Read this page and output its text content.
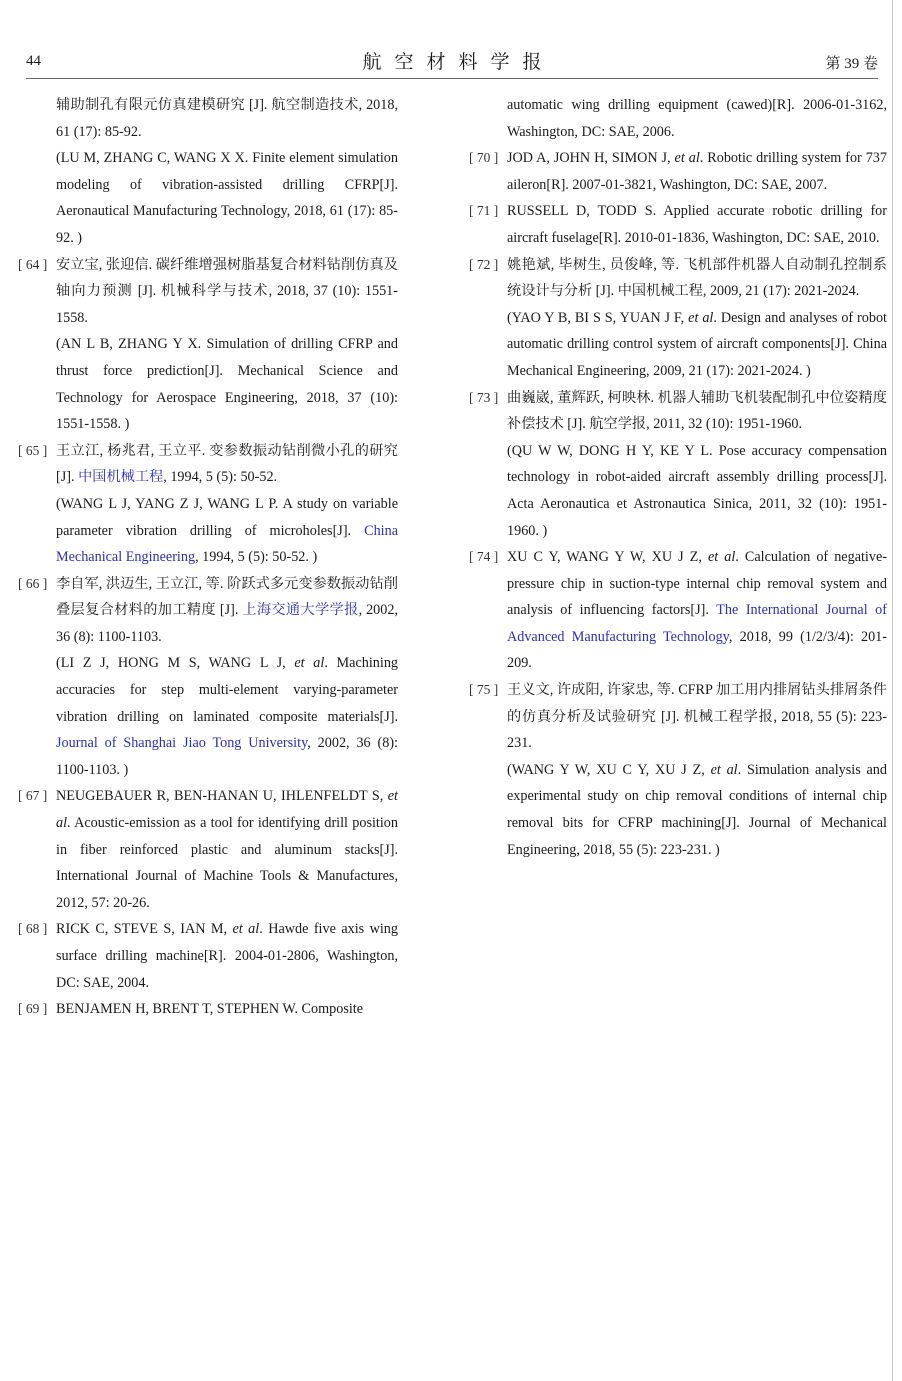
44	航空材料学报	第 39 卷
辅助制孔有限元仿真建模研究 [J]. 航空制造技术, 2018, 61 (17): 85-92.
(LU M, ZHANG C, WANG X X. Finite element simulation modeling of vibration-assisted drilling CFRP[J]. Aeronautical Manufacturing Technology, 2018, 61 (17): 85-92. )
[ 64 ] 安立宝, 张迎信. 碳纤维增强树脂基复合材料钻削仿真及轴向力预测 [J]. 机械科学与技术, 2018, 37 (10): 1551-1558.
(AN L B, ZHANG Y X. Simulation of drilling CFRP and thrust force prediction[J]. Mechanical Science and Technology for Aerospace Engineering, 2018, 37 (10): 1551-1558. )
[ 65 ] 王立江, 杨兆君, 王立平. 变参数振动钻削微小孔的研究 [J]. 中国机械工程, 1994, 5 (5): 50-52.
(WANG L J, YANG Z J, WANG L P. A study on variable parameter vibration drilling of microholes[J]. China Mechanical Engineering, 1994, 5 (5): 50-52. )
[ 66 ] 李自军, 洪迈生, 王立江, 等. 阶跃式多元变参数振动钻削叠层复合材料的加工精度 [J]. 上海交通大学学报, 2002, 36 (8): 1100-1103.
(LI Z J, HONG M S, WANG L J, et al. Machining accuracies for step multi-element varying-parameter vibration drilling on laminated composite materials[J]. Journal of Shanghai Jiao Tong University, 2002, 36 (8): 1100-1103. )
[ 67 ] NEUGEBAUER R, BEN-HANAN U, IHLENFELDT S, et al. Acoustic-emission as a tool for identifying drill position in fiber reinforced plastic and aluminum stacks[J]. International Journal of Machine Tools & Manufactures, 2012, 57: 20-26.
[ 68 ] RICK C, STEVE S, IAN M, et al. Hawde five axis wing surface drilling machine[R]. 2004-01-2806, Washington, DC: SAE, 2004.
[ 69 ] BENJAMEN H, BRENT T, STEPHEN W. Composite
automatic wing drilling equipment (cawed)[R]. 2006-01-3162, Washington, DC: SAE, 2006.
[ 70 ] JOD A, JOHN H, SIMON J, et al. Robotic drilling system for 737 aileron[R]. 2007-01-3821, Washington, DC: SAE, 2007.
[ 71 ] RUSSELL D, TODD S. Applied accurate robotic drilling for aircraft fuselage[R]. 2010-01-1836, Washington, DC: SAE, 2010.
[ 72 ] 姚艳斌, 毕树生, 员俊峰, 等. 飞机部件机器人自动制孔控制系统设计与分析 [J]. 中国机械工程, 2009, 21 (17): 2021-2024.
(YAO Y B, BI S S, YUAN J F, et al. Design and analyses of robot automatic drilling control system of aircraft components[J]. China Mechanical Engineering, 2009, 21 (17): 2021-2024. )
[ 73 ] 曲巍崴, 董辉跃, 柯映林. 机器人辅助飞机装配制孔中位姿精度补偿技术 [J]. 航空学报, 2011, 32 (10): 1951-1960.
(QU W W, DONG H Y, KE Y L. Pose accuracy compensation technology in robot-aided aircraft assembly drilling process[J]. Acta Aeronautica et Astronautica Sinica, 2011, 32 (10): 1951-1960. )
[ 74 ] XU C Y, WANG Y W, XU J Z, et al. Calculation of negative-pressure chip in suction-type internal chip removal system and analysis of influencing factors[J]. The International Journal of Advanced Manufacturing Technology, 2018, 99 (1/2/3/4): 201-209.
[ 75 ] 王义文, 许成阳, 许家忠, 等. CFRP 加工用内排屑钻头排屑条件的仿真分析及试验研究 [J]. 机械工程学报, 2018, 55 (5): 223-231.
(WANG Y W, XU C Y, XU J Z, et al. Simulation analysis and experimental study on chip removal conditions of internal chip removal bits for CFRP machining[J]. Journal of Mechanical Engineering, 2018, 55 (5): 223-231. )
